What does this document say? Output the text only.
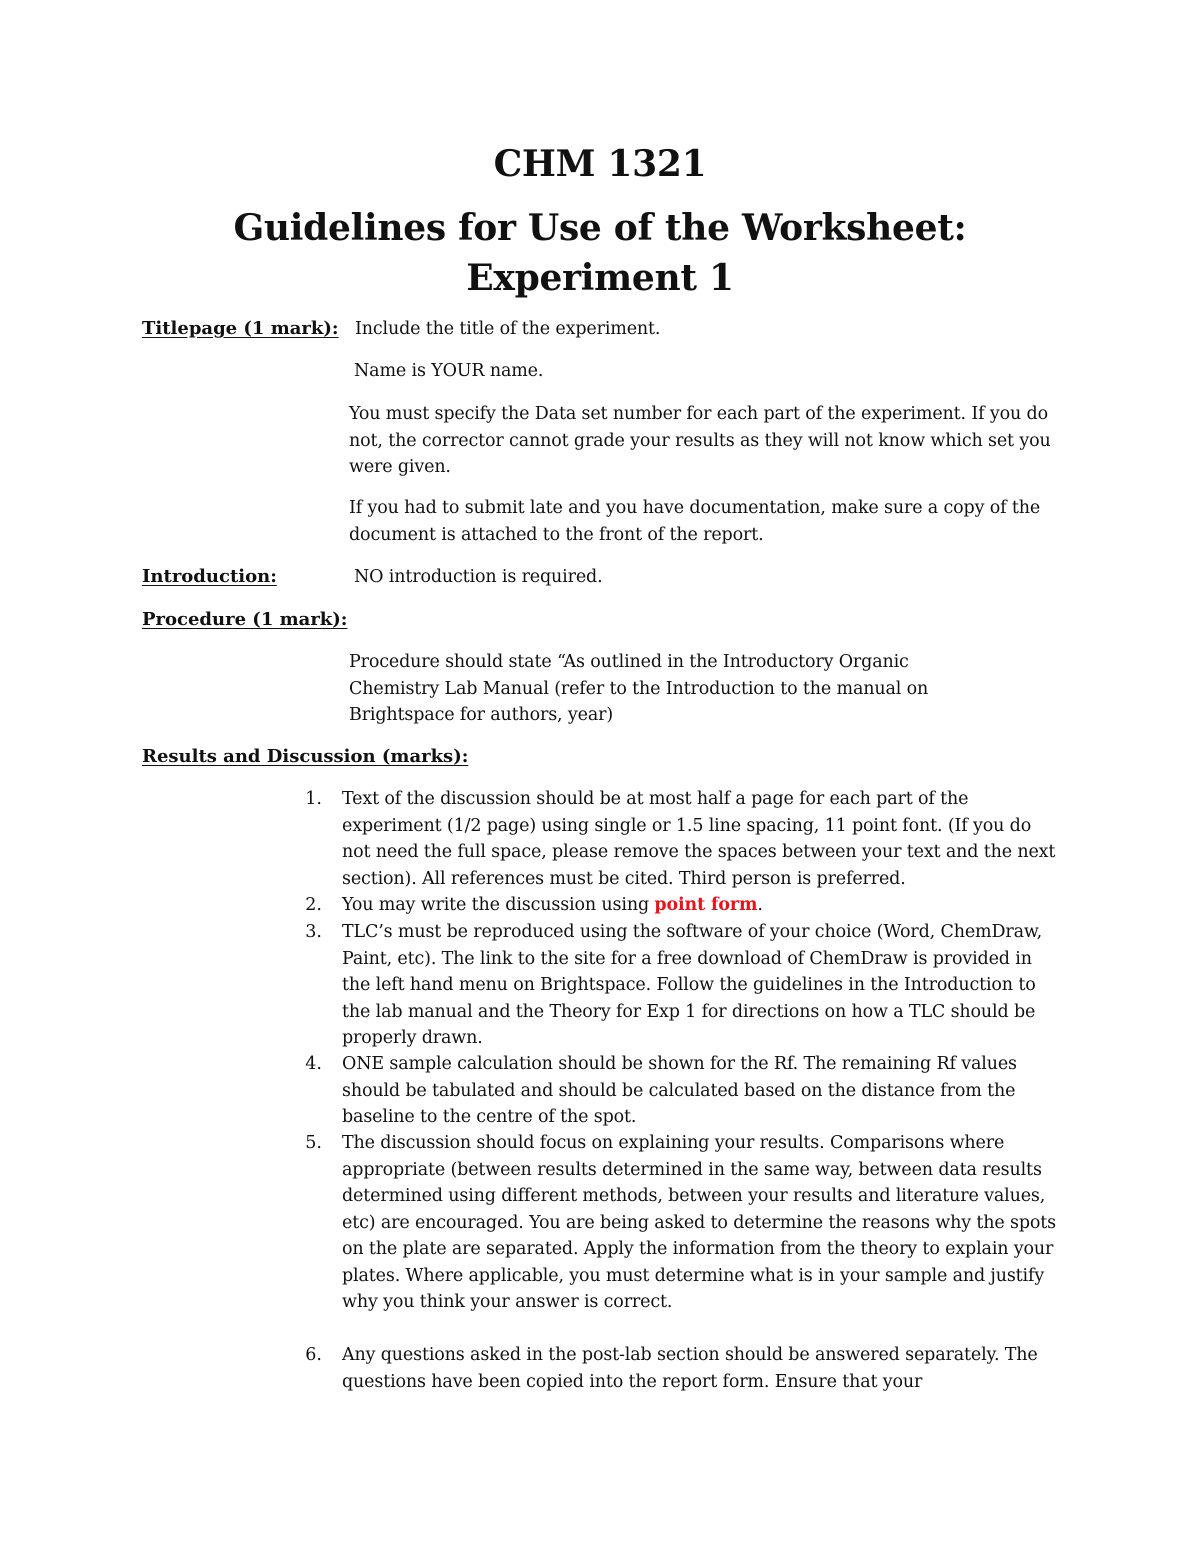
CHM 1321
Guidelines for Use of the Worksheet:
Experiment 1
Titlepage (1 mark): Include the title of the experiment.
Name is YOUR name.
You must specify the Data set number for each part of the experiment. If you do not, the corrector cannot grade your results as they will not know which set you were given.
If you had to submit late and you have documentation, make sure a copy of the document is attached to the front of the report.
Introduction:	NO introduction is required.
Procedure (1 mark):
Procedure should state “As outlined in the Introductory Organic Chemistry Lab Manual (refer to the Introduction to the manual on Brightspace for authors, year)
Results and Discussion (marks):
1. Text of the discussion should be at most half a page for each part of the experiment (1/2 page) using single or 1.5 line spacing, 11 point font. (If you do not need the full space, please remove the spaces between your text and the next section). All references must be cited. Third person is preferred.
2. You may write the discussion using point form.
3. TLC’s must be reproduced using the software of your choice (Word, ChemDraw, Paint, etc). The link to the site for a free download of ChemDraw is provided in the left hand menu on Brightspace. Follow the guidelines in the Introduction to the lab manual and the Theory for Exp 1 for directions on how a TLC should be properly drawn.
4. ONE sample calculation should be shown for the Rf. The remaining Rf values should be tabulated and should be calculated based on the distance from the baseline to the centre of the spot.
5. The discussion should focus on explaining your results. Comparisons where appropriate (between results determined in the same way, between data results determined using different methods, between your results and literature values, etc) are encouraged. You are being asked to determine the reasons why the spots on the plate are separated. Apply the information from the theory to explain your plates. Where applicable, you must determine what is in your sample and justify why you think your answer is correct.
6. Any questions asked in the post-lab section should be answered separately. The questions have been copied into the report form. Ensure that your
